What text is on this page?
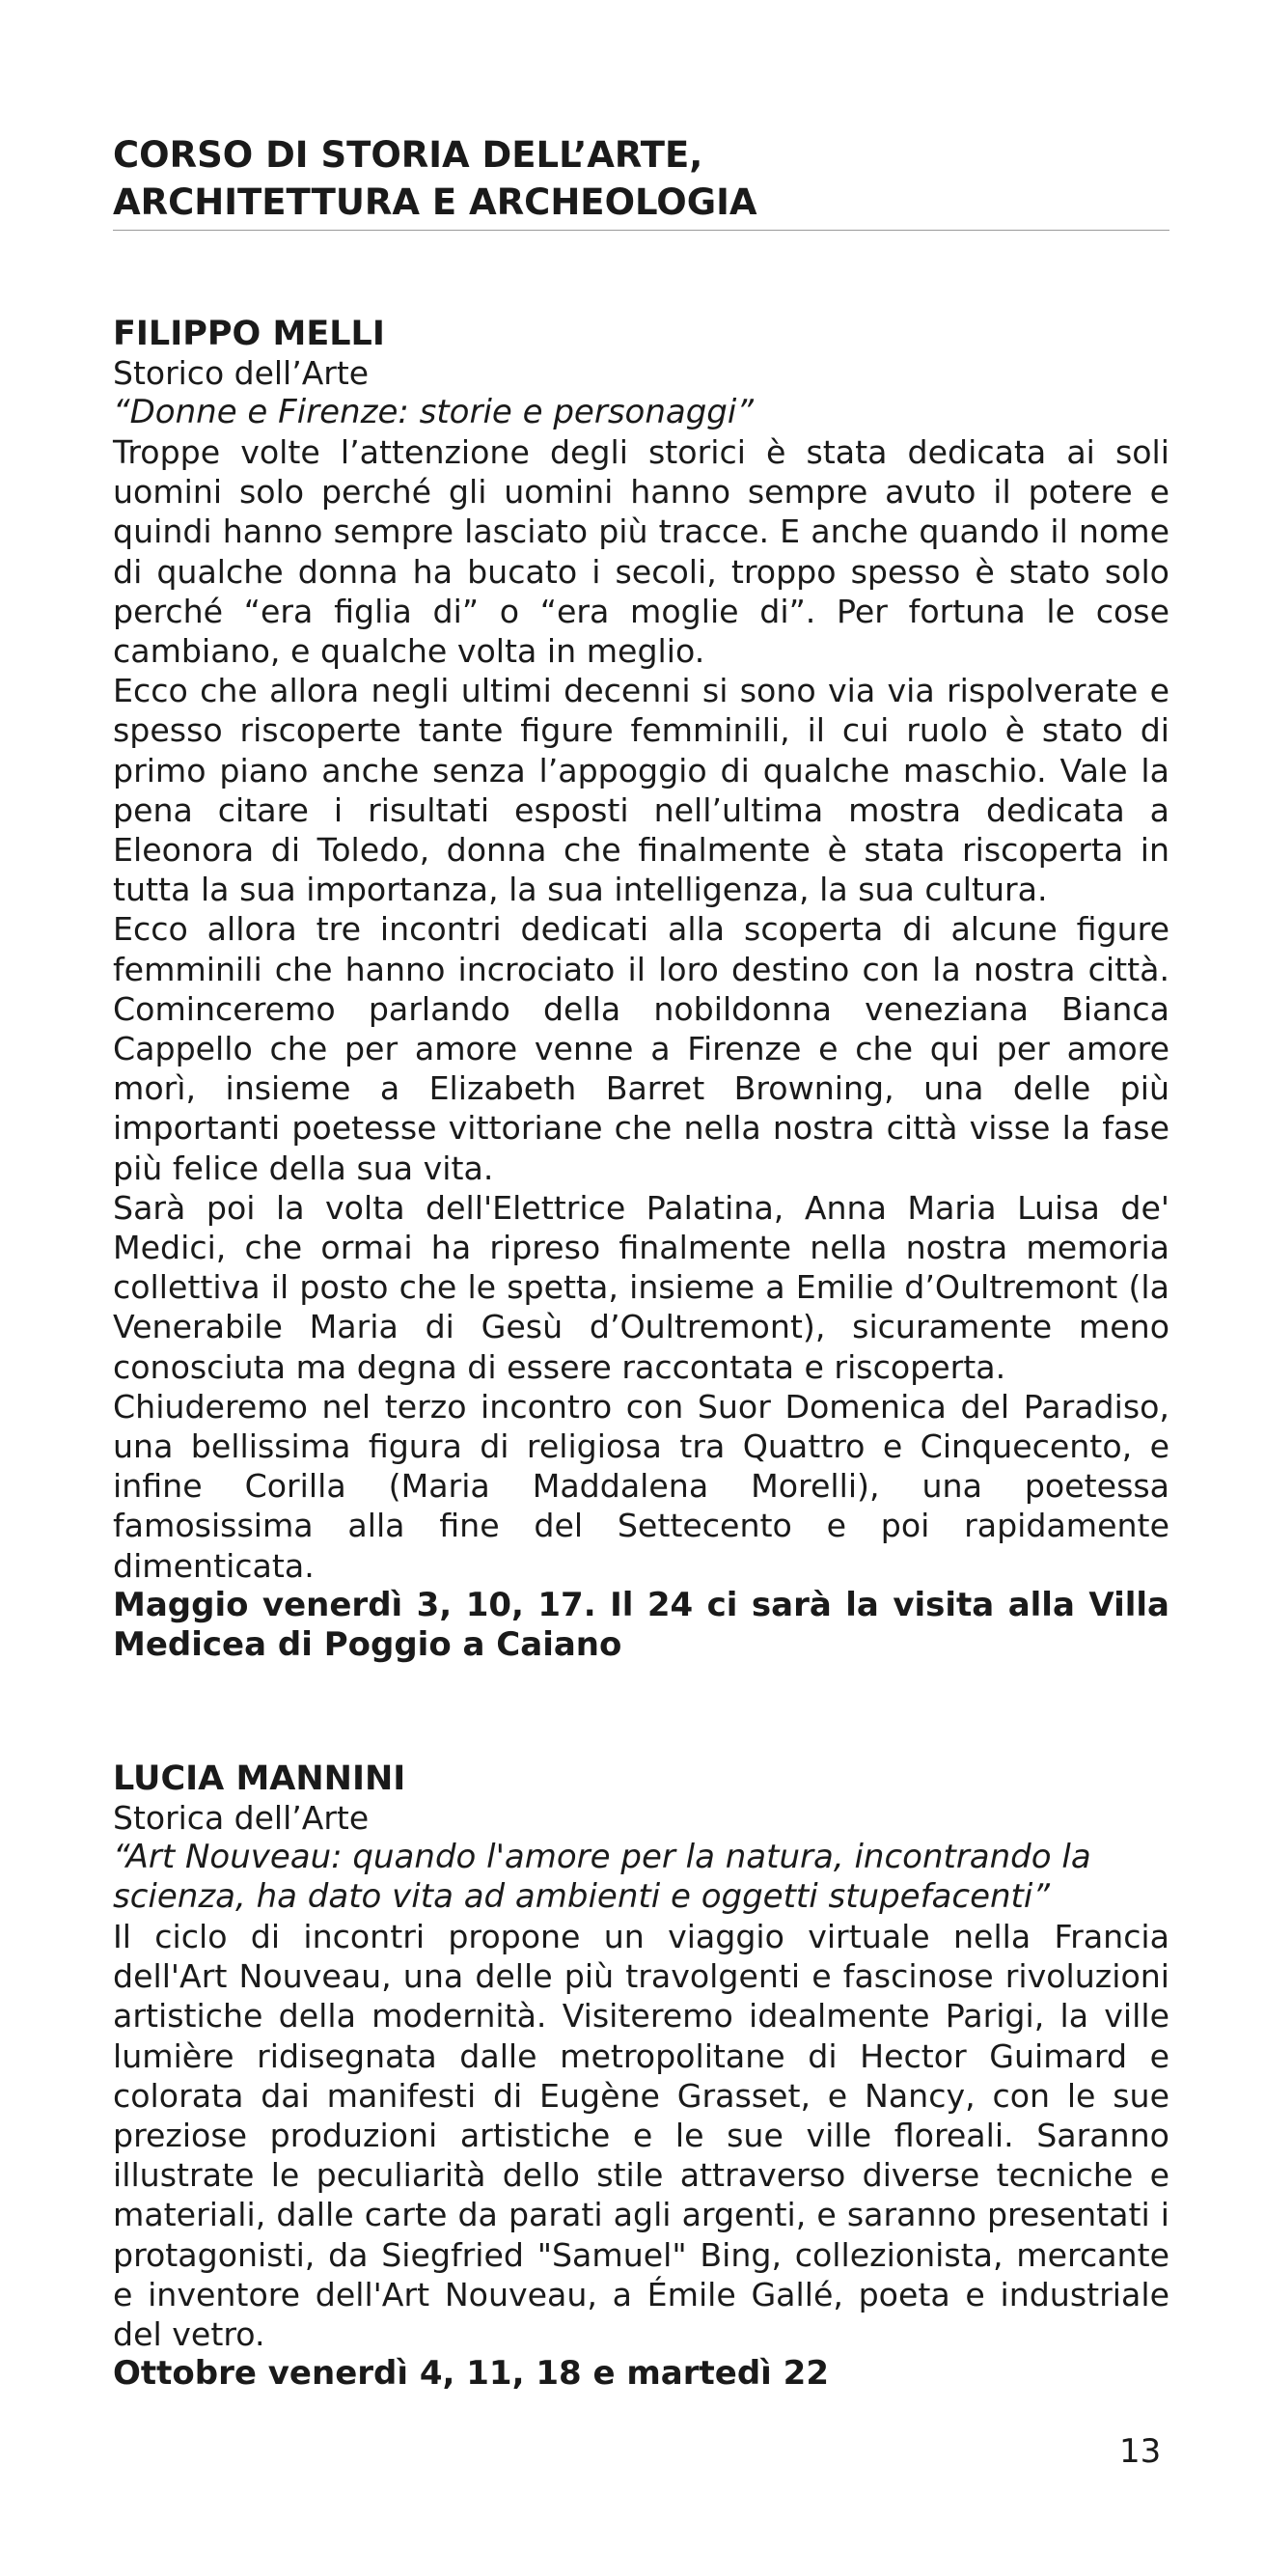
CORSO DI STORIA DELL’ARTE,
ARCHITETTURA E ARCHEOLOGIA

FILIPPO MELLI

Storico dell’Arte

“Donne e Firenze: storie e personaggi”

Troppe volte l’attenzione degli storici è stata dedicata ai soli uomini solo perché gli uomini hanno sempre avuto il potere e quindi hanno sempre lasciato più tracce. E anche quando il nome di qualche donna ha bucato i secoli, troppo spesso è stato solo perché “era figlia di” o “era moglie di”. Per fortuna le cose cambiano, e qualche volta in meglio.

Ecco che allora negli ultimi decenni si sono via via rispolverate e spesso riscoperte tante figure femminili, il cui ruolo è stato di primo piano anche senza l’appoggio di qualche maschio. Vale la pena citare i risultati esposti nell’ultima mostra dedicata a Eleonora di Toledo, donna che finalmente è stata riscoperta in tutta la sua importanza, la sua intelligenza, la sua cultura.

Ecco allora tre incontri dedicati alla scoperta di alcune figure femminili che hanno incrociato il loro destino con la nostra città. Cominceremo parlando della nobildonna veneziana Bianca Cappello che per amore venne a Firenze e che qui per amore morì, insieme a Elizabeth Barret Browning, una delle più importanti poetesse vittoriane che nella nostra città visse la fase più felice della sua vita.

Sarà poi la volta dell'Elettrice Palatina, Anna Maria Luisa de' Medici, che ormai ha ripreso finalmente nella nostra memoria collettiva il posto che le spetta, insieme a Emilie d’Oultremont (la Venerabile Maria di Gesù d’Oultremont), sicuramente meno conosciuta ma degna di essere raccontata e riscoperta.

Chiuderemo nel terzo incontro con Suor Domenica del Paradiso, una bellissima figura di religiosa tra Quattro e Cinquecento, e infine Corilla (Maria Maddalena Morelli), una poetessa famosissima alla fine del Settecento e poi rapidamente dimenticata.

Maggio venerdì 3, 10, 17. Il 24 ci sarà la visita alla Villa Medicea di Poggio a Caiano

LUCIA MANNINI

Storica dell’Arte

“Art Nouveau: quando l'amore per la natura, incontrando la scienza, ha dato vita ad ambienti e oggetti stupefacenti”

Il ciclo di incontri propone un viaggio virtuale nella Francia dell'Art Nouveau, una delle più travolgenti e fascinose rivoluzioni artistiche della modernità. Visiteremo idealmente Parigi, la ville lumière ridisegnata dalle metropolitane di Hector Guimard e colorata dai manifesti di Eugène Grasset, e Nancy, con le sue preziose produzioni artistiche e le sue ville floreali. Saranno illustrate le peculiarità dello stile attraverso diverse tecniche e materiali, dalle carte da parati agli argenti, e saranno presentati i protagonisti, da Siegfried "Samuel" Bing, collezionista, mercante e inventore dell'Art Nouveau, a Émile Gallé, poeta e industriale del vetro.

Ottobre venerdì 4, 11, 18 e martedì 22

13
